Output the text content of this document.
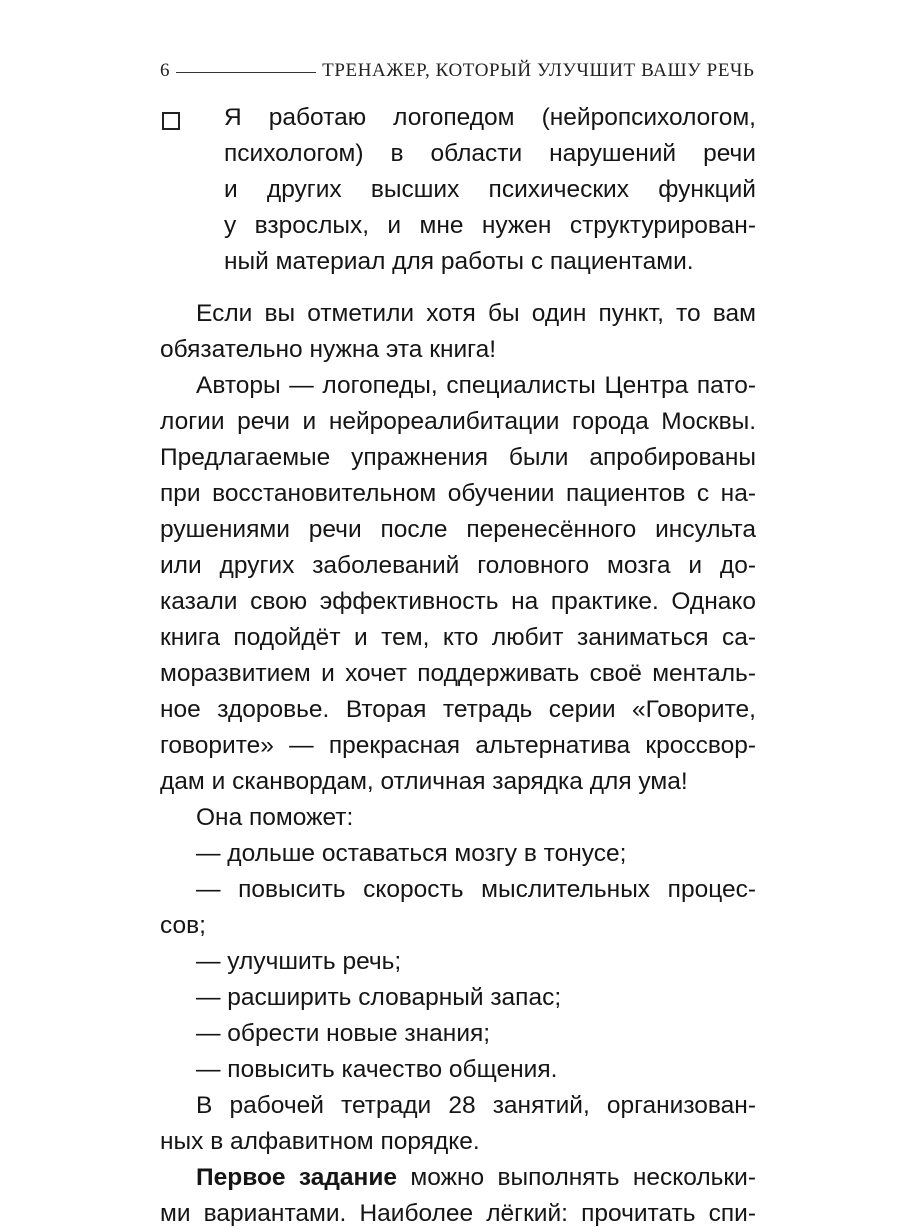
6	ТРЕНАЖЕР, КОТОРЫЙ УЛУЧШИТ ВАШУ РЕЧЬ
Я работаю логопедом (нейропсихологом,
психологом) в области нарушений речи
и других высших психических функций
у взрослых, и мне нужен структурирован-
ный материал для работы с пациентами.
Если вы отметили хотя бы один пункт, то вам
обязательно нужна эта книга!
Авторы — логопеды, специалисты Центра пато-
логии речи и нейрореалибитации города Москвы.
Предлагаемые упражнения были апробированы
при восстановительном обучении пациентов с на-
рушениями речи после перенесённого инсульта
или других заболеваний головного мозга и до-
казали свою эффективность на практике. Однако
книга подойдёт и тем, кто любит заниматься са-
моразвитием и хочет поддерживать своё менталь-
ное здоровье. Вторая тетрадь серии «Говорите,
говорите» — прекрасная альтернатива кроссвор-
дам и сканвордам, отличная зарядка для ума!
Она поможет:
— дольше оставаться мозгу в тонусе;
— повысить скорость мыслительных процес-
сов;
— улучшить речь;
— расширить словарный запас;
— обрести новые знания;
— повысить качество общения.
В рабочей тетради 28 занятий, организован-
ных в алфавитном порядке.
Первое задание можно выполнять нескольки-
ми вариантами. Наиболее лёгкий: прочитать спи-
